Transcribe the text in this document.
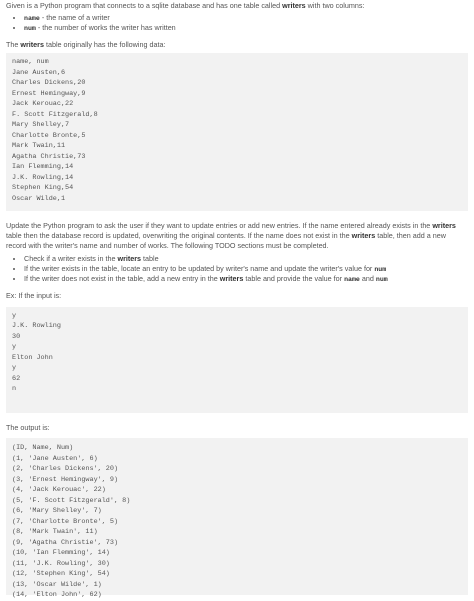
Given is a Python program that connects to a sqlite database and has one table called writers with two columns:

• name - the name of a writer
• num - the number of works the writer has written

The writers table originally has the following data:

name, num
Jane Austen,6
Charles Dickens,20
Ernest Hemingway,9
Jack Kerouac,22
F. Scott Fitzgerald,8
Mary Shelley,7
Charlotte Bronte,5
Mark Twain,11
Agatha Christie,73
Ian Flemming,14
J.K. Rowling,14
Stephen King,54
Oscar Wilde,1

Update the Python program to ask the user if they want to update entries or add new entries. If the name entered already exists in the writers table then the database record is updated, overwriting the original contents. If the name does not exist in the writers table, then add a new record with the writer's name and number of works. The following TODO sections must be completed.

• Check if a writer exists in the writers table
• If the writer exists in the table, locate an entry to be updated by writer's name and update the writer's value for num
• If the writer does not exist in the table, add a new entry in the writers table and provide the value for name and num

Ex: If the input is:

y
J.K. Rowling
30
y
Elton John
y
62
n

The output is:

(ID, Name, Num)
(1, 'Jane Austen', 6)
(2, 'Charles Dickens', 20)
(3, 'Ernest Hemingway', 9)
(4, 'Jack Kerouac', 22)
(5, 'F. Scott Fitzgerald', 8)
(6, 'Mary Shelley', 7)
(7, 'Charlotte Bronte', 5)
(8, 'Mark Twain', 11)
(9, 'Agatha Christie', 73)
(10, 'Ian Flemming', 14)
(11, 'J.K. Rowling', 30)
(12, 'Stephen King', 54)
(13, 'Oscar Wilde', 1)
(14, 'Elton John', 62)
